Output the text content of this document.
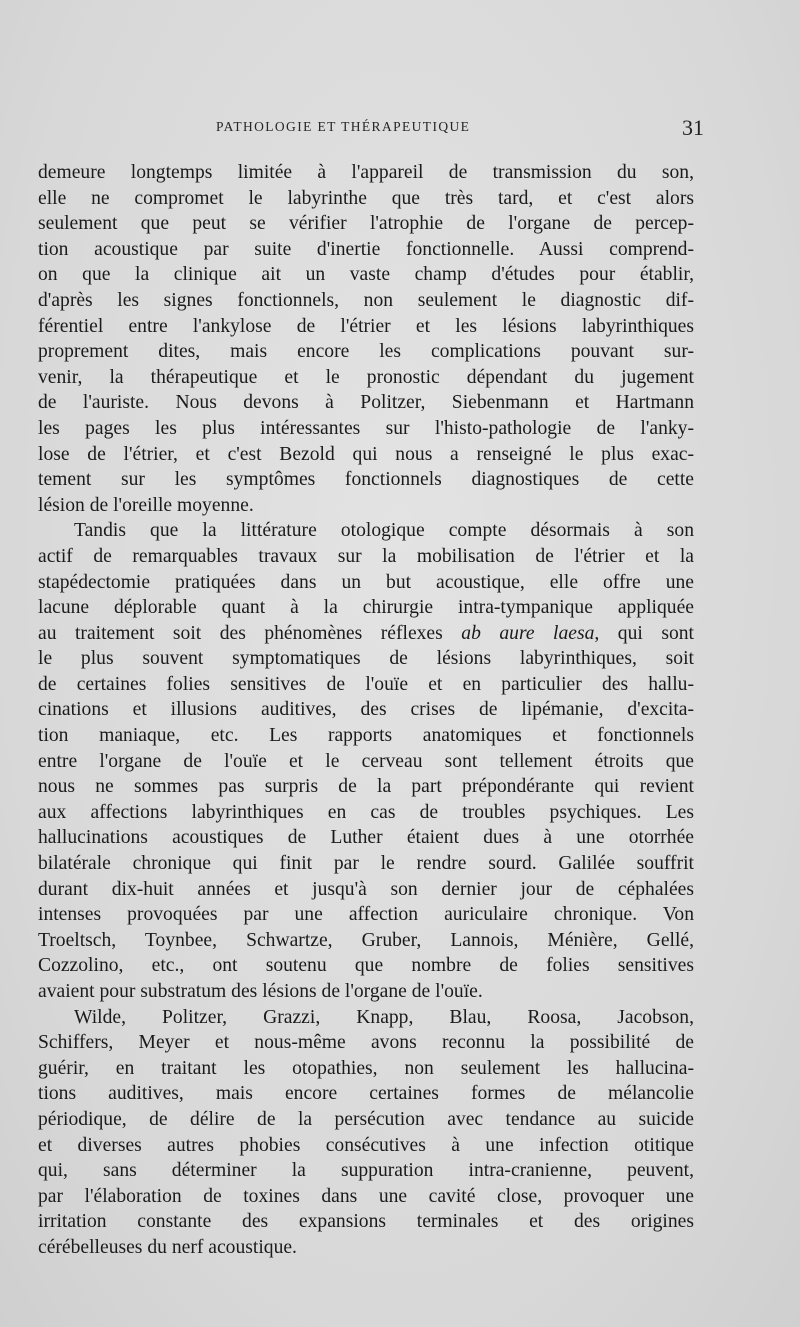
PATHOLOGIE ET THÉRAPEUTIQUE	31
demeure longtemps limitée à l'appareil de transmission du son,
elle ne compromet le labyrinthe que très tard, et c'est alors
seulement que peut se vérifier l'atrophie de l'organe de percep-
tion acoustique par suite d'inertie fonctionnelle. Aussi comprend-
on que la clinique ait un vaste champ d'études pour établir,
d'après les signes fonctionnels, non seulement le diagnostic dif-
férentiel entre l'ankylose de l'étrier et les lésions labyrinthiques
proprement dites, mais encore les complications pouvant sur-
venir, la thérapeutique et le pronostic dépendant du jugement
de l'auriste. Nous devons à Politzer, Siebenmann et Hartmann
les pages les plus intéressantes sur l'histo-pathologie de l'anky-
lose de l'étrier, et c'est Bezold qui nous a renseigné le plus exac-
tement sur les symptômes fonctionnels diagnostiques de cette
lésion de l'oreille moyenne.
Tandis que la littérature otologique compte désormais à son
actif de remarquables travaux sur la mobilisation de l'étrier et la
stapédectomie pratiquées dans un but acoustique, elle offre une
lacune déplorable quant à la chirurgie intra-tympanique appliquée
au traitement soit des phénomènes réflexes ab aure laesa, qui sont
le plus souvent symptomatiques de lésions labyrinthiques, soit
de certaines folies sensitives de l'ouïe et en particulier des hallu-
cinations et illusions auditives, des crises de lipémanie, d'excita-
tion maniaque, etc. Les rapports anatomiques et fonctionnels
entre l'organe de l'ouïe et le cerveau sont tellement étroits que
nous ne sommes pas surpris de la part prépondérante qui revient
aux affections labyrinthiques en cas de troubles psychiques. Les
hallucinations acoustiques de Luther étaient dues à une otorrhée
bilatérale chronique qui finit par le rendre sourd. Galilée souffrit
durant dix-huit années et jusqu'à son dernier jour de céphalées
intenses provoquées par une affection auriculaire chronique. Von
Troeltsch, Toynbee, Schwartze, Gruber, Lannois, Ménière, Gellé,
Cozzolino, etc., ont soutenu que nombre de folies sensitives
avaient pour substratum des lésions de l'organe de l'ouïe.
Wilde, Politzer, Grazzi, Knapp, Blau, Roosa, Jacobson,
Schiffers, Meyer et nous-même avons reconnu la possibilité de
guérir, en traitant les otopathies, non seulement les hallucina-
tions auditives, mais encore certaines formes de mélancolie
périodique, de délire de la persécution avec tendance au suicide
et diverses autres phobies consécutives à une infection otitique
qui, sans déterminer la suppuration intra-cranienne, peuvent,
par l'élaboration de toxines dans une cavité close, provoquer une
irritation constante des expansions terminales et des origines
cérébelleuses du nerf acoustique.
